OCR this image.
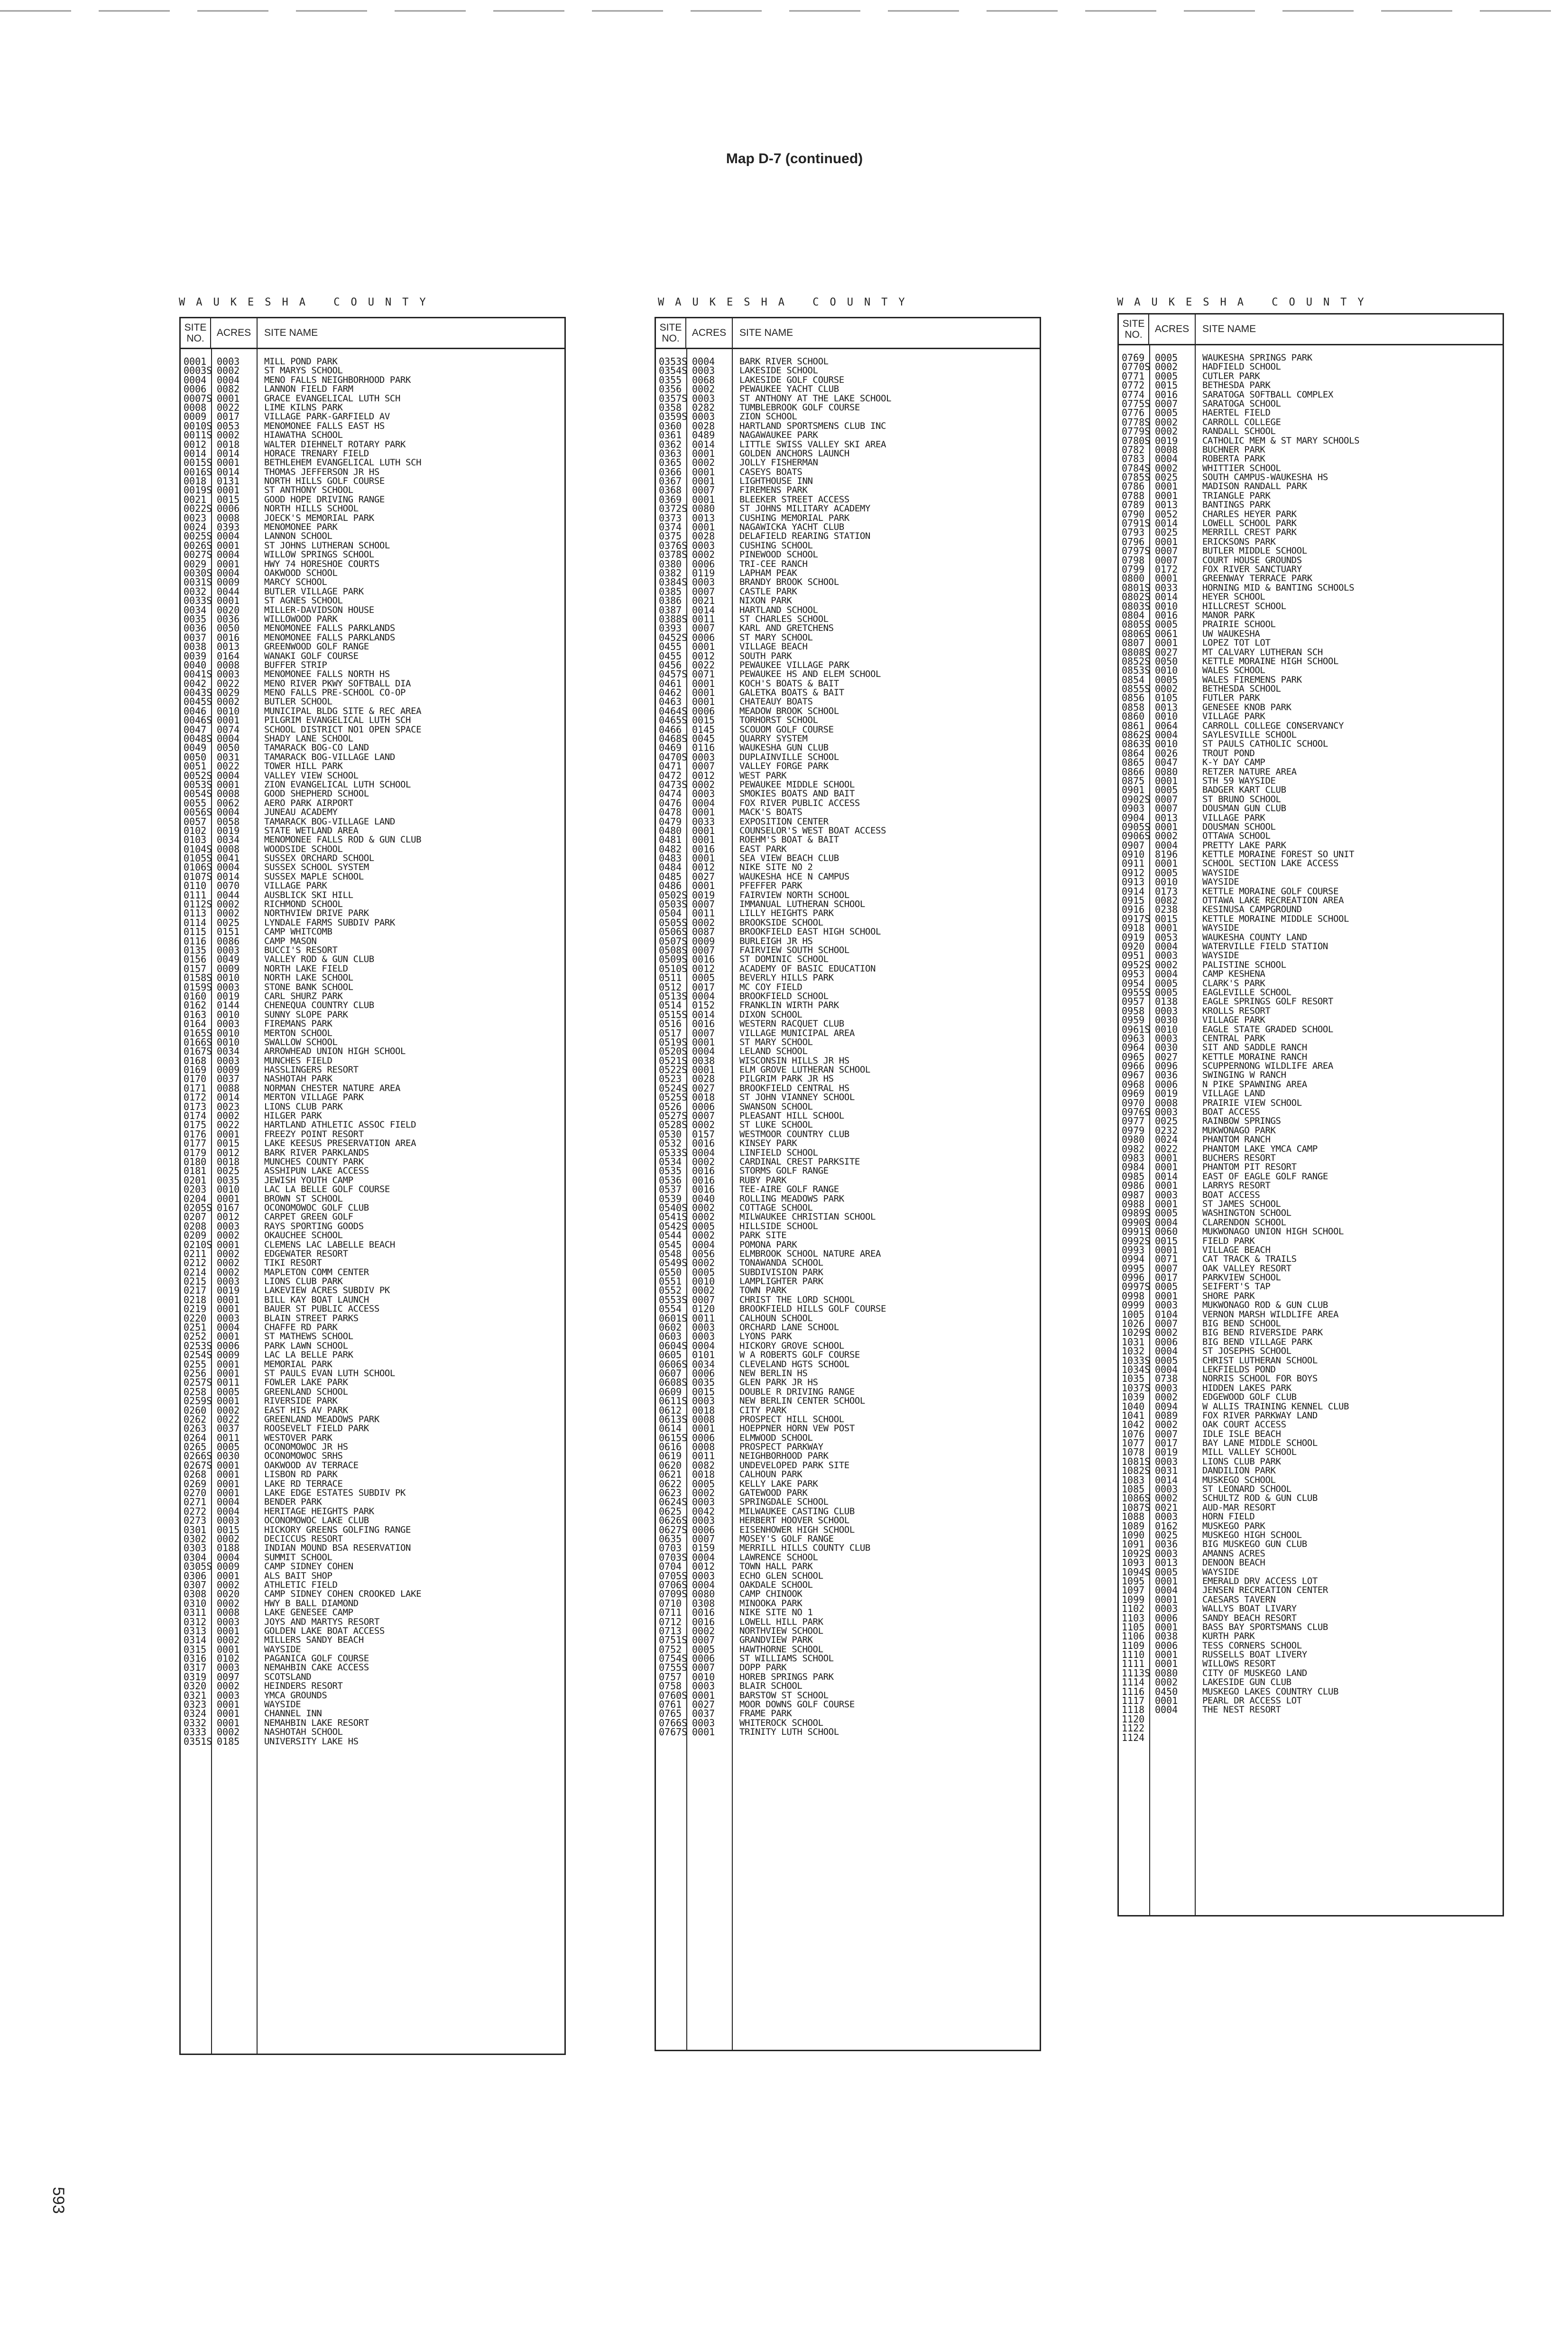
Map D-7 (continued)
WAUKESHA COUNTY	WAUKESHA COUNTY	WAUKESHA COUNTY
SITE
NO.
ACRES	SITE NAME
0001 0003	MILL POND PARK
0003S 0002	ST MARYS SCHOOL
0004 0004	MENO FALLS NEIGHBORHOOD PARK
0006 0082	LANNON FIELD FARM
0007S 0001	GRACE EVANGELICAL LUTH SCH
0008 0022	LIME KILNS PARK
0009 0017	VILLAGE PARK-GARFIELD AV
0010S 0053	MENOMONEE FALLS EAST HS
0011S 0002	HIAWATHA SCHOOL
0012 0018	WALTER DIEHNELT ROTARY PARK
0014 0014	HORACE TRENARY FIELD
0015S 0001	BETHLEHEM EVANGELICAL LUTH SCH
0016S 0014	THOMAS JEFFERSON JR HS
0018 0131	NORTH HILLS GOLF COURSE
0019S 0001	ST ANTHONY SCHOOL
0021 0015	GOOD HOPE DRIVING RANGE
0022S 0006	NORTH HILLS SCHOOL
0023 0008	JOECK'S MEMORIAL PARK
0024 0393	MENOMONEE PARK
0025S 0004	LANNON SCHOOL
0026S 0001	ST JOHNS LUTHERAN SCHOOL
0027S 0004	WILLOW SPRINGS SCHOOL
0029 0001	HWY 74 HORESHOE COURTS
0030S 0004	OAKWOOD SCHOOL
0031S 0009	MARCY SCHOOL
0032 0044	BUTLER VILLAGE PARK
0033S 0001	ST AGNES SCHOOL
0034 0020	MILLER-DAVIDSON HOUSE
0035 0036	WILLOWOOD PARK
0036 0050	MENOMONEE FALLS PARKLANDS
0037 0016	MENOMONEE FALLS PARKLANDS
0038 0013	GREENWOOD GOLF RANGE
0039 0164	WANAKI GOLF COURSE
0040 0008	BUFFER STRIP
0041S 0003	MENOMONEE FALLS NORTH HS
0042 0022	MENO RIVER PKWY SOFTBALL DIA
0043S 0029	MENO FALLS PRE-SCHOOL CO-OP
0045S 0002	BUTLER SCHOOL
0046 0010	MUNICIPAL BLDG SITE & REC AREA
0046S 0001	PILGRIM EVANGELICAL LUTH SCH
0047 0074	SCHOOL DISTRICT NO1 OPEN SPACE
0048S 0004	SHADY LANE SCHOOL
0049 0050	TAMARACK BOG-CO LAND
0050 0031	TAMARACK BOG-VILLAGE LAND
0051 0022	TOWER HILL PARK
0052S 0004	VALLEY VIEW SCHOOL
0053S 0001	ZION EVANGELICAL LUTH SCHOOL
0054S 0008	GOOD SHEPHERD SCHOOL
0055 0062	AERO PARK AIRPORT
0056S 0004	JUNEAU ACADEMY
0057 0058	TAMARACK BOG-VILLAGE LAND
0102 0019	STATE WETLAND AREA
0103 0034	MENOMONEE FALLS ROD & GUN CLUB
0104S 0008	WOODSIDE SCHOOL
0105S 0041	SUSSEX ORCHARD SCHOOL
0106S 0004	SUSSEX SCHOOL SYSTEM
0107S 0014	SUSSEX MAPLE SCHOOL
0110 0070	VILLAGE PARK
0111 0044	AUSBLICK SKI HILL
0112S 0002	RICHMOND SCHOOL
0113 0002	NORTHVIEW DRIVE PARK
0114 0025	LYNDALE FARMS SUBDIV PARK
0115 0151	CAMP WHITCOMB
0116 0086	CAMP MASON
0135 0003	BUCCI'S RESORT
0156 0049	VALLEY ROD & GUN CLUB
0157 0009	NORTH LAKE FIELD
0158S 0010	NORTH LAKE SCHOOL
0159S 0003	STONE BANK SCHOOL
0160 0019	CARL SHURZ PARK
0162 0144	CHENEQUA COUNTRY CLUB
0163 0010	SUNNY SLOPE PARK
0164 0003	FIREMANS PARK
0165S 0010	MERTON SCHOOL
0166S 0010	SWALLOW SCHOOL
0167S 0034	ARROWHEAD UNION HIGH SCHOOL
0168 0003	MUNCHES FIELD
0169 0009	HASSLINGERS RESORT
0170 0037	NASHOTAH PARK
0171 0088	NORMAN CHESTER NATURE AREA
0172 0014	MERTON VILLAGE PARK
0173 0023	LIONS CLUB PARK
0174 0002	HILGER PARK
0175 0022	HARTLAND ATHLETIC ASSOC FIELD
0176 0001	FREEZY POINT RESORT
0177 0015	LAKE KEESUS PRESERVATION AREA
0179 0012	BARK RIVER PARKLANDS
0180 0018	MUNCHES COUNTY PARK
0181 0025	ASSHIPUN LAKE ACCESS
0201 0035	JEWISH YOUTH CAMP
0203 0010	LAC LA BELLE GOLF COURSE
0204 0001	BROWN ST SCHOOL
0205S 0167	OCONOMOWOC GOLF CLUB
0207 0012	CARPET GREEN GOLF
0208 0003	RAYS SPORTING GOODS
0209 0002	OKAUCHEE SCHOOL
0210S 0001	CLEMENS LAC LABELLE BEACH
0211 0002	EDGEWATER RESORT
0212 0002	TIKI RESORT
0214 0002	MAPLETON COMM CENTER
0215 0003	LIONS CLUB PARK
0217 0019	LAKEVIEW ACRES SUBDIV PK
0218 0001	BILL KAY BOAT LAUNCH
0219 0001	BAUER ST PUBLIC ACCESS
0220 0003	BLAIN STREET PARKS
0251 0004	CHAFFE RD PARK
0252 0001	ST MATHEWS SCHOOL
0253S 0006	PARK LAWN SCHOOL
0254S 0009	LAC LA BELLE PARK
0255 0001	MEMORIAL PARK
0256 0001	ST PAULS EVAN LUTH SCHOOL
0257S 0011	FOWLER LAKE PARK
0258 0005	GREENLAND SCHOOL
0259S 0001	RIVERSIDE PARK
0260 0002	EAST HIS AV PARK
0262 0022	GREENLAND MEADOWS PARK
0263 0037	ROOSEVELT FIELD PARK
0264 0011	WESTOVER PARK
0265 0005	OCONOMOWOC JR HS
0266S 0030	OCONOMOWOC SRHS
0267S 0001	OAKWOOD AV TERRACE
0268 0001	LISBON RD PARK
0269 0001	LAKE RD TERRACE
0270 0001	LAKE EDGE ESTATES SUBDIV PK
0271 0004	BENDER PARK
0272 0004	HERITAGE HEIGHTS PARK
0273 0003	OCONOMOWOC LAKE CLUB
0301 0015	HICKORY GREENS GOLFING RANGE
0302 0002	DECICCUS RESORT
0303 0188	INDIAN MOUND BSA RESERVATION
0304 0004	SUMMIT SCHOOL
0305S 0009	CAMP SIDNEY COHEN
0306 0001	ALS BAIT SHOP
0307 0002	ATHLETIC FIELD
0308 0020	CAMP SIDNEY COHEN CROOKED LAKE
0310 0002	HWY B BALL DIAMOND
0311 0008	LAKE GENESEE CAMP
0312 0003	JOYS AND MARTYS RESORT
0313 0001	GOLDEN LAKE BOAT ACCESS
0314 0002	MILLERS SANDY BEACH
0315 0001	WAYSIDE
0316 0102	PAGANICA GOLF COURSE
0317 0003	NEMAHBIN CAKE ACCESS
0319 0097	SCOTSLAND
0320 0002	HEINDERS RESORT
0321 0003	YMCA GROUNDS
0323 0001	WAYSIDE
0324 0001	CHANNEL INN
0332 0001	NEMAHBIN LAKE RESORT
0333 0002	NASHOTAH SCHOOL
0351S 0185	UNIVERSITY LAKE HS
SITE
NO.
ACRES	SITE NAME
0353S 0004	BARK RIVER SCHOOL
0354S 0003	LAKESIDE SCHOOL
0355 0068	LAKESIDE GOLF COURSE
0356 0002	PEWAUKEE YACHT CLUB
0357S 0003	ST ANTHONY AT THE LAKE SCHOOL
0358 0282	TUMBLEBROOK GOLF COURSE
0359S 0003	ZION SCHOOL
0360 0028	HARTLAND SPORTSMENS CLUB INC
0361 0489	NAGAWAUKEE PARK
0362 0014	LITTLE SWISS VALLEY SKI AREA
0363 0001	GOLDEN ANCHORS LAUNCH
0365 0002	JOLLY FISHERMAN
0366 0001	CASEYS BOATS
0367 0001	LIGHTHOUSE INN
0368 0007	FIREMENS PARK
0369 0001	BLEEKER STREET ACCESS
0372S 0080	ST JOHNS MILITARY ACADEMY
0373 0013	CUSHING MEMORIAL PARK
0374 0001	NAGAWICKA YACHT CLUB
0375 0028	DELAFIELD REARING STATION
0376S 0003	CUSHING SCHOOL
0378S 0002	PINEWOOD SCHOOL
0380 0006	TRI-CEE RANCH
0382 0119	LAPHAM PEAK
0384S 0003	BRANDY BROOK SCHOOL
0385 0007	CASTLE PARK
0386 0021	NIXON PARK
0387 0014	HARTLAND SCHOOL
0388S 0011	ST CHARLES SCHOOL
0393 0007	KARL AND GRETCHENS
0452S 0006	ST MARY SCHOOL
0455 0001	VILLAGE BEACH
0455 0012	SOUTH PARK
0456 0022	PEWAUKEE VILLAGE PARK
0457S 0071	PEWAUKEE HS AND ELEM SCHOOL
0461 0001	KOCH'S BOATS & BAIT
0462 0001	GALETKA BOATS & BAIT
0463 0001	CHATEAUY BOATS
0464S 0006	MEADOW BROOK SCHOOL
0465S 0015	TORHORST SCHOOL
0466 0145	SCOUOM GOLF COURSE
0468S 0045	QUARRY SYSTEM
0469 0116	WAUKESHA GUN CLUB
0470S 0003	DUPLAINVILLE SCHOOL
0471 0007	VALLEY FORGE PARK
0472 0012	WEST PARK
0473S 0002	PEWAUKEE MIDDLE SCHOOL
0474 0003	SMOKIES BOATS AND BAIT
0476 0004	FOX RIVER PUBLIC ACCESS
0478 0001	MACK'S BOATS
0479 0033	EXPOSITION CENTER
0480 0001	COUNSELOR'S WEST BOAT ACCESS
0481 0001	ROEHM'S BOAT & BAIT
0482 0016	EAST PARK
0483 0001	SEA VIEW BEACH CLUB
0484 0012	NIKE SITE NO 2
0485 0027	WAUKESHA HCE N CAMPUS
0486 0001	PFEFFER PARK
0502S 0019	FAIRVIEW NORTH SCHOOL
0503S 0007	IMMANUAL LUTHERAN SCHOOL
0504 0011	LILLY HEIGHTS PARK
0505S 0002	BROOKSIDE SCHOOL
0506S 0087	BROOKFIELD EAST HIGH SCHOOL
0507S 0009	BURLEIGH JR HS
0508S 0007	FAIRVIEW SOUTH SCHOOL
0509S 0016	ST DOMINIC SCHOOL
0510S 0012	ACADEMY OF BASIC EDUCATION
0511 0005	BEVERLY HILLS PARK
0512 0017	MC COY FIELD
0513S 0004	BROOKFIELD SCHOOL
0514 0152	FRANKLIN WIRTH PARK
0515S 0014	DIXON SCHOOL
0516 0016	WESTERN RACQUET CLUB
0517 0007	VILLAGE MUNICIPAL AREA
0519S 0001	ST MARY SCHOOL
0520S 0004	LELAND SCHOOL
0521S 0038	WISCONSIN HILLS JR HS
0522S 0001	ELM GROVE LUTHERAN SCHOOL
0523 0028	PILGRIM PARK JR HS
0524S 0027	BROOKFIELD CENTRAL HS
0525S 0018	ST JOHN VIANNEY SCHOOL
0526 0006	SWANSON SCHOOL
0527S 0007	PLEASANT HILL SCHOOL
0528S 0002	ST LUKE SCHOOL
0530 0157	WESTMOOR COUNTRY CLUB
0532 0016	KINSEY PARK
0533S 0004	LINFIELD SCHOOL
0534 0002	CARDINAL CREST PARKSITE
0535 0016	STORMS GOLF RANGE
0536 0016	RUBY PARK
0537 0016	TEE-AIRE GOLF RANGE
0539 0040	ROLLING MEADOWS PARK
0540S 0002	COTTAGE SCHOOL
0541S 0002	MILWAUKEE CHRISTIAN SCHOOL
0542S 0005	HILLSIDE SCHOOL
0544 0002	PARK SITE
0545 0004	POMONA PARK
0548 0056	ELMBROOK SCHOOL NATURE AREA
0549S 0002	TONAWANDA SCHOOL
0550 0005	SUBDIVISION PARK
0551 0010	LAMPLIGHTER PARK
0552 0002	TOWN PARK
0553S 0007	CHRIST THE LORD SCHOOL
0554 0120	BROOKFIELD HILLS GOLF COURSE
0601S 0011	CALHOUN SCHOOL
0602 0003	ORCHARD LANE SCHOOL
0603 0003	LYONS PARK
0604S 0004	HICKORY GROVE SCHOOL
0605 0101	W A ROBERTS GOLF COURSE
0606S 0034	CLEVELAND HGTS SCHOOL
0607 0006	NEW BERLIN HS
0608S 0035	GLEN PARK JR HS
0609 0015	DOUBLE R DRIVING RANGE
0611S 0003	NEW BERLIN CENTER SCHOOL
0612 0018	CITY PARK
0613S 0008	PROSPECT HILL SCHOOL
0614 0001	HOEPPNER HORN VEW POST
0615S 0006	ELMWOOD SCHOOL
0616 0008	PROSPECT PARKWAY
0619 0011	NEIGHBORHOOD PARK
0620 0082	UNDEVELOPED PARK SITE
0621 0018	CALHOUN PARK
0622 0005	KELLY LAKE PARK
0623 0002	GATEWOOD PARK
0624S 0003	SPRINGDALE SCHOOL
0625 0042	MILWAUKEE CASTING CLUB
0626S 0003	HERBERT HOOVER SCHOOL
0627S 0006	EISENHOWER HIGH SCHOOL
0635 0007	MOSEY'S GOLF RANGE
0703 0159	MERRILL HILLS COUNTY CLUB
0703S 0004	LAWRENCE SCHOOL
0704 0012	TOWN HALL PARK
0705S 0003	ECHO GLEN SCHOOL
0706S 0004	OAKDALE SCHOOL
0709S 0080	CAMP CHINOOK
0710 0308	MINOOKA PARK
0711 0016	NIKE SITE NO 1
0712 0016	LOWELL HILL PARK
0713 0002	NORTHVIEW SCHOOL
0751S 0007	GRANDVIEW PARK
0752 0005	HAWTHORNE SCHOOL
0754S 0006	ST WILLIAMS SCHOOL
0755S 0007	DOPP PARK
0757 0010	HOREB SPRINGS PARK
0758 0003	BLAIR SCHOOL
0760S 0001	BARSTOW ST SCHOOL
0761 0027	MOOR DOWNS GOLF COURSE
0765 0037	FRAME PARK
0766S 0003	WHITEROCK SCHOOL
0767S 0001	TRINITY LUTH SCHOOL
SITE
NO.
ACRES	SITE NAME
0769 0005	WAUKESHA SPRINGS PARK
0770S 0002	HADFIELD SCHOOL
0771 0005	CUTLER PARK
0772 0015	BETHESDA PARK
0774 0016	SARATOGA SOFTBALL COMPLEX
0775S 0007	SARATOGA SCHOOL
0776 0005	HAERTEL FIELD
0778S 0002	CARROLL COLLEGE
0779S 0002	RANDALL SCHOOL
0780S 0019	CATHOLIC MEM & ST MARY SCHOOLS
0782 0008	BUCHNER PARK
0783 0004	ROBERTA PARK
0784S 0002	WHITTIER SCHOOL
0785S 0025	SOUTH CAMPUS-WAUKESHA HS
0786 0001	MADISON RANDALL PARK
0788 0001	TRIANGLE PARK
0789 0013	BANTINGS PARK
0790 0052	CHARLES HEYER PARK
0791S 0014	LOWELL SCHOOL PARK
0793 0025	MERRILL CREST PARK
0796 0001	ERICKSONS PARK
0797S 0007	BUTLER MIDDLE SCHOOL
0798 0007	COURT HOUSE GROUNDS
0799 0172	FOX RIVER SANCTUARY
0800 0001	GREENWAY TERRACE PARK
0801S 0033	HORNING MID & BANTING SCHOOLS
0802S 0014	HEYER SCHOOL
0803S 0010	HILLCREST SCHOOL
0804 0016	MANOR PARK
0805S 0005	PRAIRIE SCHOOL
0806S 0061	UW WAUKESHA
0807 0001	LOPEZ TOT LOT
0808S 0027	MT CALVARY LUTHERAN SCH
0852S 0050	KETTLE MORAINE HIGH SCHOOL
0853S 0010	WALES SCHOOL
0854 0005	WALES FIREMENS PARK
0855S 0002	BETHESDA SCHOOL
0856 0105	FUTLER PARK
0858 0013	GENESEE KNOB PARK
0860 0010	VILLAGE PARK
0861 0064	CARROLL COLLEGE CONSERVANCY
0862S 0004	SAYLESVILLE SCHOOL
0863S 0010	ST PAULS CATHOLIC SCHOOL
0864 0026	TROUT POND
0865 0047	K-Y DAY CAMP
0866 0080	RETZER NATURE AREA
0875 0001	STH 59 WAYSIDE
0901 0005	BADGER KART CLUB
0902S 0007	ST BRUNO SCHOOL
0903 0007	DOUSMAN GUN CLUB
0904 0013	VILLAGE PARK
0905S 0001	DOUSMAN SCHOOL
0906S 0002	OTTAWA SCHOOL
0907 0004	PRETTY LAKE PARK
0910 8196	KETTLE MORAINE FOREST SO UNIT
0911 0001	SCHOOL SECTION LAKE ACCESS
0912 0005	WAYSIDE
0913 0010	WAYSIDE
0914 0173	KETTLE MORAINE GOLF COURSE
0915 0082	OTTAWA LAKE RECREATION AREA
0916 0238	KESINUSA CAMPGROUND
0917S 0015	KETTLE MORAINE MIDDLE SCHOOL
0918 0001	WAYSIDE
0919 0053	WAUKESHA COUNTY LAND
0920 0004	WATERVILLE FIELD STATION
0951 0003	WAYSIDE
0952S 0002	PALISTINE SCHOOL
0953 0004	CAMP KESHENA
0954 0005	CLARK'S PARK
0955S 0005	EAGLEVILLE SCHOOL
0957 0138	EAGLE SPRINGS GOLF RESORT
0958 0003	KROLLS RESORT
0959 0030	VILLAGE PARK
0961S 0010	EAGLE STATE GRADED SCHOOL
0963 0003	CENTRAL PARK
0964 0030	SIT AND SADDLE RANCH
0965 0027	KETTLE MORAINE RANCH
0966 0096	SCUPPERNONG WILDLIFE AREA
0967 0036	SWINGING W RANCH
0968 0006	N PIKE SPAWNING AREA
0969 0019	VILLAGE LAND
0970 0008	PRAIRIE VIEW SCHOOL
0976S 0003	BOAT ACCESS
0977 0025	RAINBOW SPRINGS
0979 0232	MUKWONAGO PARK
0980 0024	PHANTOM RANCH
0982 0022	PHANTOM LAKE YMCA CAMP
0983 0001	BUCHERS RESORT
0984 0001	PHANTOM PIT RESORT
0985 0014	EAST OF EAGLE GOLF RANGE
0986 0001	LARRYS RESORT
0987 0003	BOAT ACCESS
0988 0001	ST JAMES SCHOOL
0989S 0005	WASHINGTON SCHOOL
0990S 0004	CLARENDON SCHOOL
0991S 0060	MUKWONAGO UNION HIGH SCHOOL
0992S 0015	FIELD PARK
0993 0001	VILLAGE BEACH
0994 0071	CAT TRACK & TRAILS
0995 0007	OAK VALLEY RESORT
0996 0017	PARKVIEW SCHOOL
0997S 0005	SEIFERT'S TAP
0998 0001	SHORE PARK
0999 0003	MUKWONAGO ROD & GUN CLUB
1005 0104	VERNON MARSH WILDLIFE AREA
1026 0007	BIG BEND SCHOOL
1029S 0002	BIG BEND RIVERSIDE PARK
1031 0006	BIG BEND VILLAGE PARK
1032 0004	ST JOSEPHS SCHOOL
1033S 0005	CHRIST LUTHERAN SCHOOL
1034S 0004	LEKFIELDS POND
1035 0738	NORRIS SCHOOL FOR BOYS
1037S 0003	HIDDEN LAKES PARK
1039 0002	EDGEWOOD GOLF CLUB
1040 0094	W ALLIS TRAINING KENNEL CLUB
1041 0089	FOX RIVER PARKWAY LAND
1042 0002	OAK COURT ACCESS
1076 0007	IDLE ISLE BEACH
1077 0017	BAY LANE MIDDLE SCHOOL
1078 0019	MILL VALLEY SCHOOL
1081S 0003	LIONS CLUB PARK
1082S 0031	DANDILION PARK
1083 0014	MUSKEGO SCHOOL
1085 0003	ST LEONARD SCHOOL
1086S 0002	SCHULTZ ROD & GUN CLUB
1087S 0021	AUD-MAR RESORT
1088 0003	HORN FIELD
1089 0162	MUSKEGO PARK
1090 0025	MUSKEGO HIGH SCHOOL
1091 0036	BIG MUSKEGO GUN CLUB
1092S 0003	AMANNS ACRES
1093 0013	DENOON BEACH
1094S 0005	WAYSIDE
1095 0001	EMERALD DRV ACCESS LOT
1097 0004	JENSEN RECREATION CENTER
1099 0001	CAESARS TAVERN
1102 0003	WALLYS BOAT LIVARY
1103 0006	SANDY BEACH RESORT
1105 0001	BASS BAY SPORTSMANS CLUB
1106 0038	KURTH PARK
1109 0006	TESS CORNERS SCHOOL
1110 0001	RUSSELLS BOAT LIVERY
1111 0001	WILLOWS RESORT
1113S 0080	CITY OF MUSKEGO LAND
1114 0002	LAKESIDE GUN CLUB
1116 0450	MUSKEGO LAKES COUNTRY CLUB
1117 0001	PEARL DR ACCESS LOT
1118 0004	THE NEST RESORT
1120
1122
1124
593
